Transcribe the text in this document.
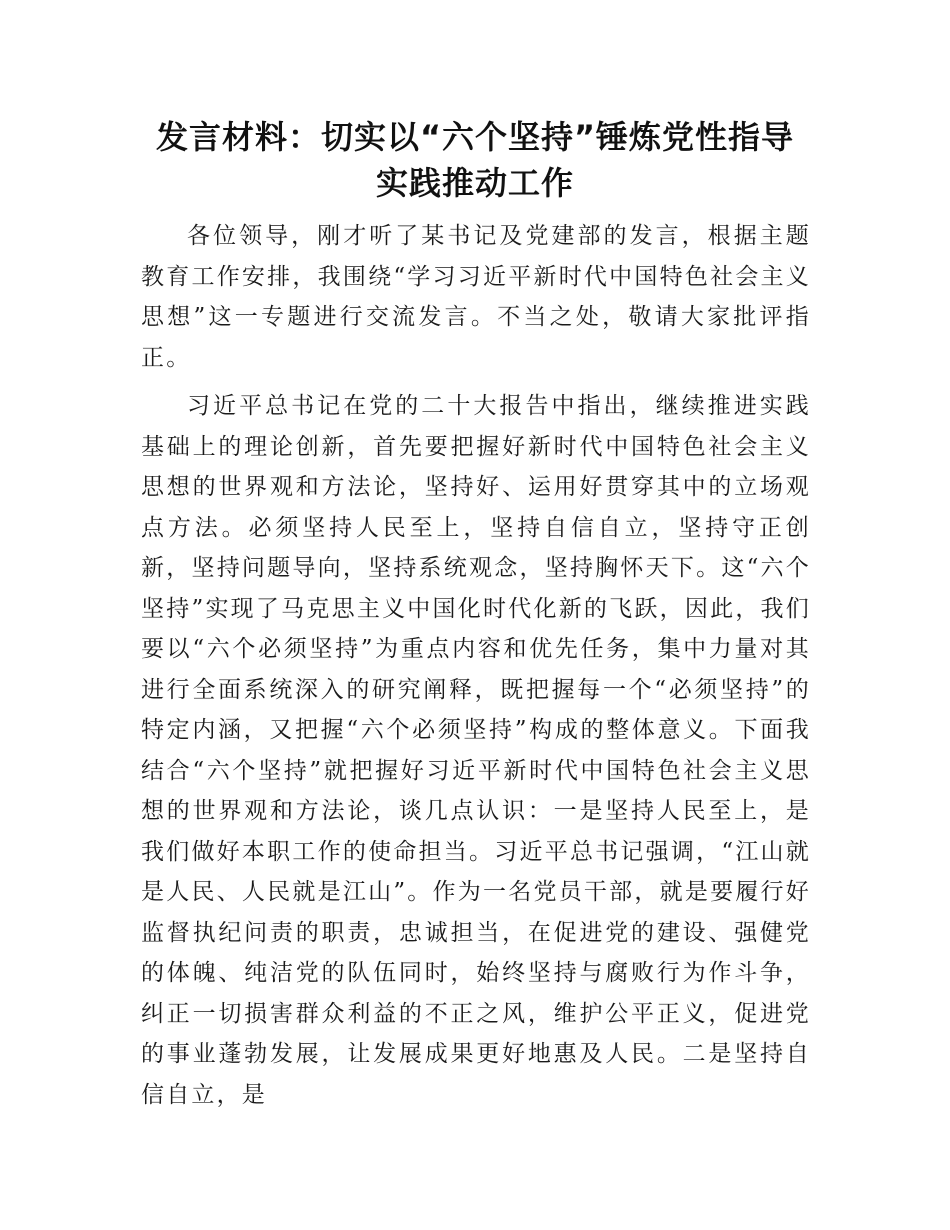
发言材料：切实以“六个坚持”锤炼党性指导实践推动工作

各位领导，刚才听了某书记及党建部的发言，根据主题教育工作安排，我围绕“学习习近平新时代中国特色社会主义思想”这一专题进行交流发言。不当之处，敬请大家批评指正。

习近平总书记在党的二十大报告中指出，继续推进实践基础上的理论创新，首先要把握好新时代中国特色社会主义思想的世界观和方法论，坚持好、运用好贯穿其中的立场观点方法。必须坚持人民至上，坚持自信自立，坚持守正创新，坚持问题导向，坚持系统观念，坚持胸怀天下。这“六个坚持”实现了马克思主义中国化时代化新的飞跃，因此，我们要以“六个必须坚持”为重点内容和优先任务，集中力量对其进行全面系统深入的研究阐释，既把握每一个“必须坚持”的特定内涵，又把握“六个必须坚持”构成的整体意义。下面我结合“六个坚持”就把握好习近平新时代中国特色社会主义思想的世界观和方法论，谈几点认识：一是坚持人民至上，是我们做好本职工作的使命担当。习近平总书记强调，“江山就是人民、人民就是江山”。作为一名党员干部，就是要履行好监督执纪问责的职责，忠诚担当，在促进党的建设、强健党的体魄、纯洁党的队伍同时，始终坚持与腐败行为作斗争，纠正一切损害群众利益的不正之风，维护公平正义，促进党的事业蓬勃发展，让发展成果更好地惠及人民。二是坚持自信自立，是
